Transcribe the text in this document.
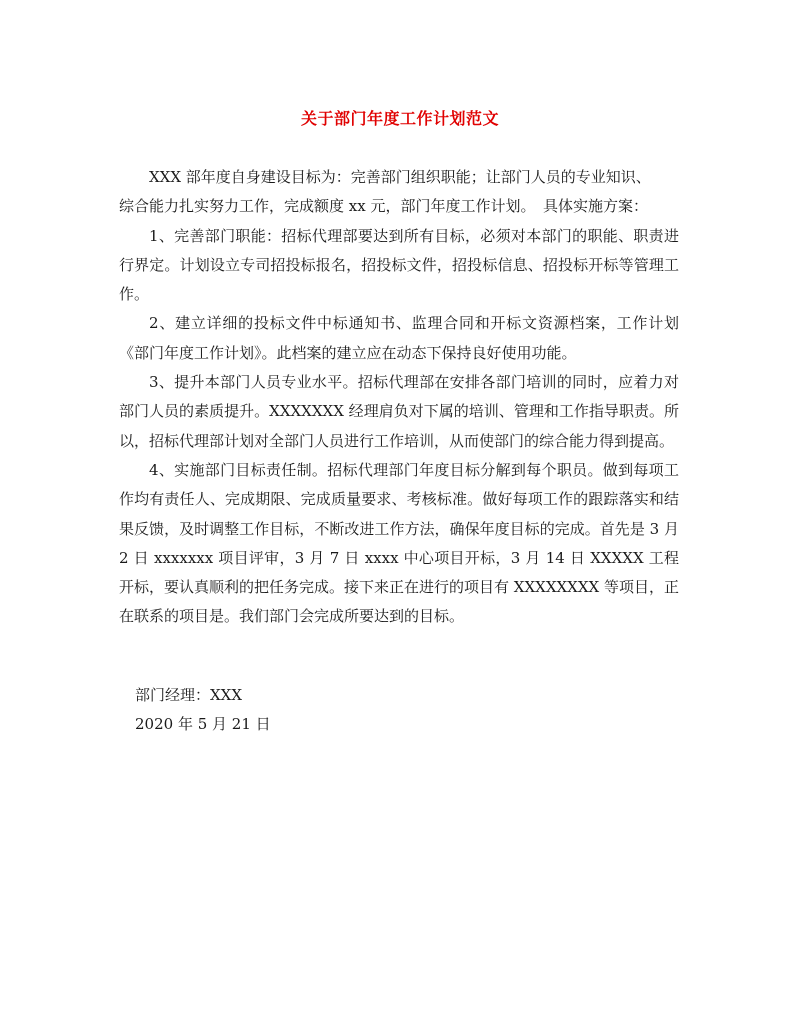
关于部门年度工作计划范文

　　XXX 部年度自身建设目标为：完善部门组织职能；让部门人员的专业知识、

综合能力扎实努力工作，完成额度 xx 元，部门年度工作计划。　具体实施方案：

1、完善部门职能：招标代理部要达到所有目标，必须对本部门的职能、职责进行界定。计划设立专司招投标报名，招投标文件，招投标信息、招投标开标等管理工作。

2、建立详细的投标文件中标通知书、监理合同和开标文资源档案，工作计划《部门年度工作计划》。此档案的建立应在动态下保持良好使用功能。

3、提升本部门人员专业水平。招标代理部在安排各部门培训的同时，应着力对部门人员的素质提升。XXXXXXX 经理肩负对下属的培训、管理和工作指导职责。所以，招标代理部计划对全部门人员进行工作培训，从而使部门的综合能力得到提高。

4、实施部门目标责任制。招标代理部门年度目标分解到每个职员。做到每项工作均有责任人、完成期限、完成质量要求、考核标准。做好每项工作的跟踪落实和结果反馈，及时调整工作目标，不断改进工作方法，确保年度目标的完成。首先是 3 月 2 日 xxxxxxx 项目评审，3 月 7 日 xxxx 中心项目开标，3 月 14 日 XXXXX 工程开标，要认真顺利的把任务完成。接下来正在进行的项目有 XXXXXXXX 等项目，正在联系的项目是。我们部门会完成所要达到的目标。

部门经理：XXX
2020 年 5 月 21 日
